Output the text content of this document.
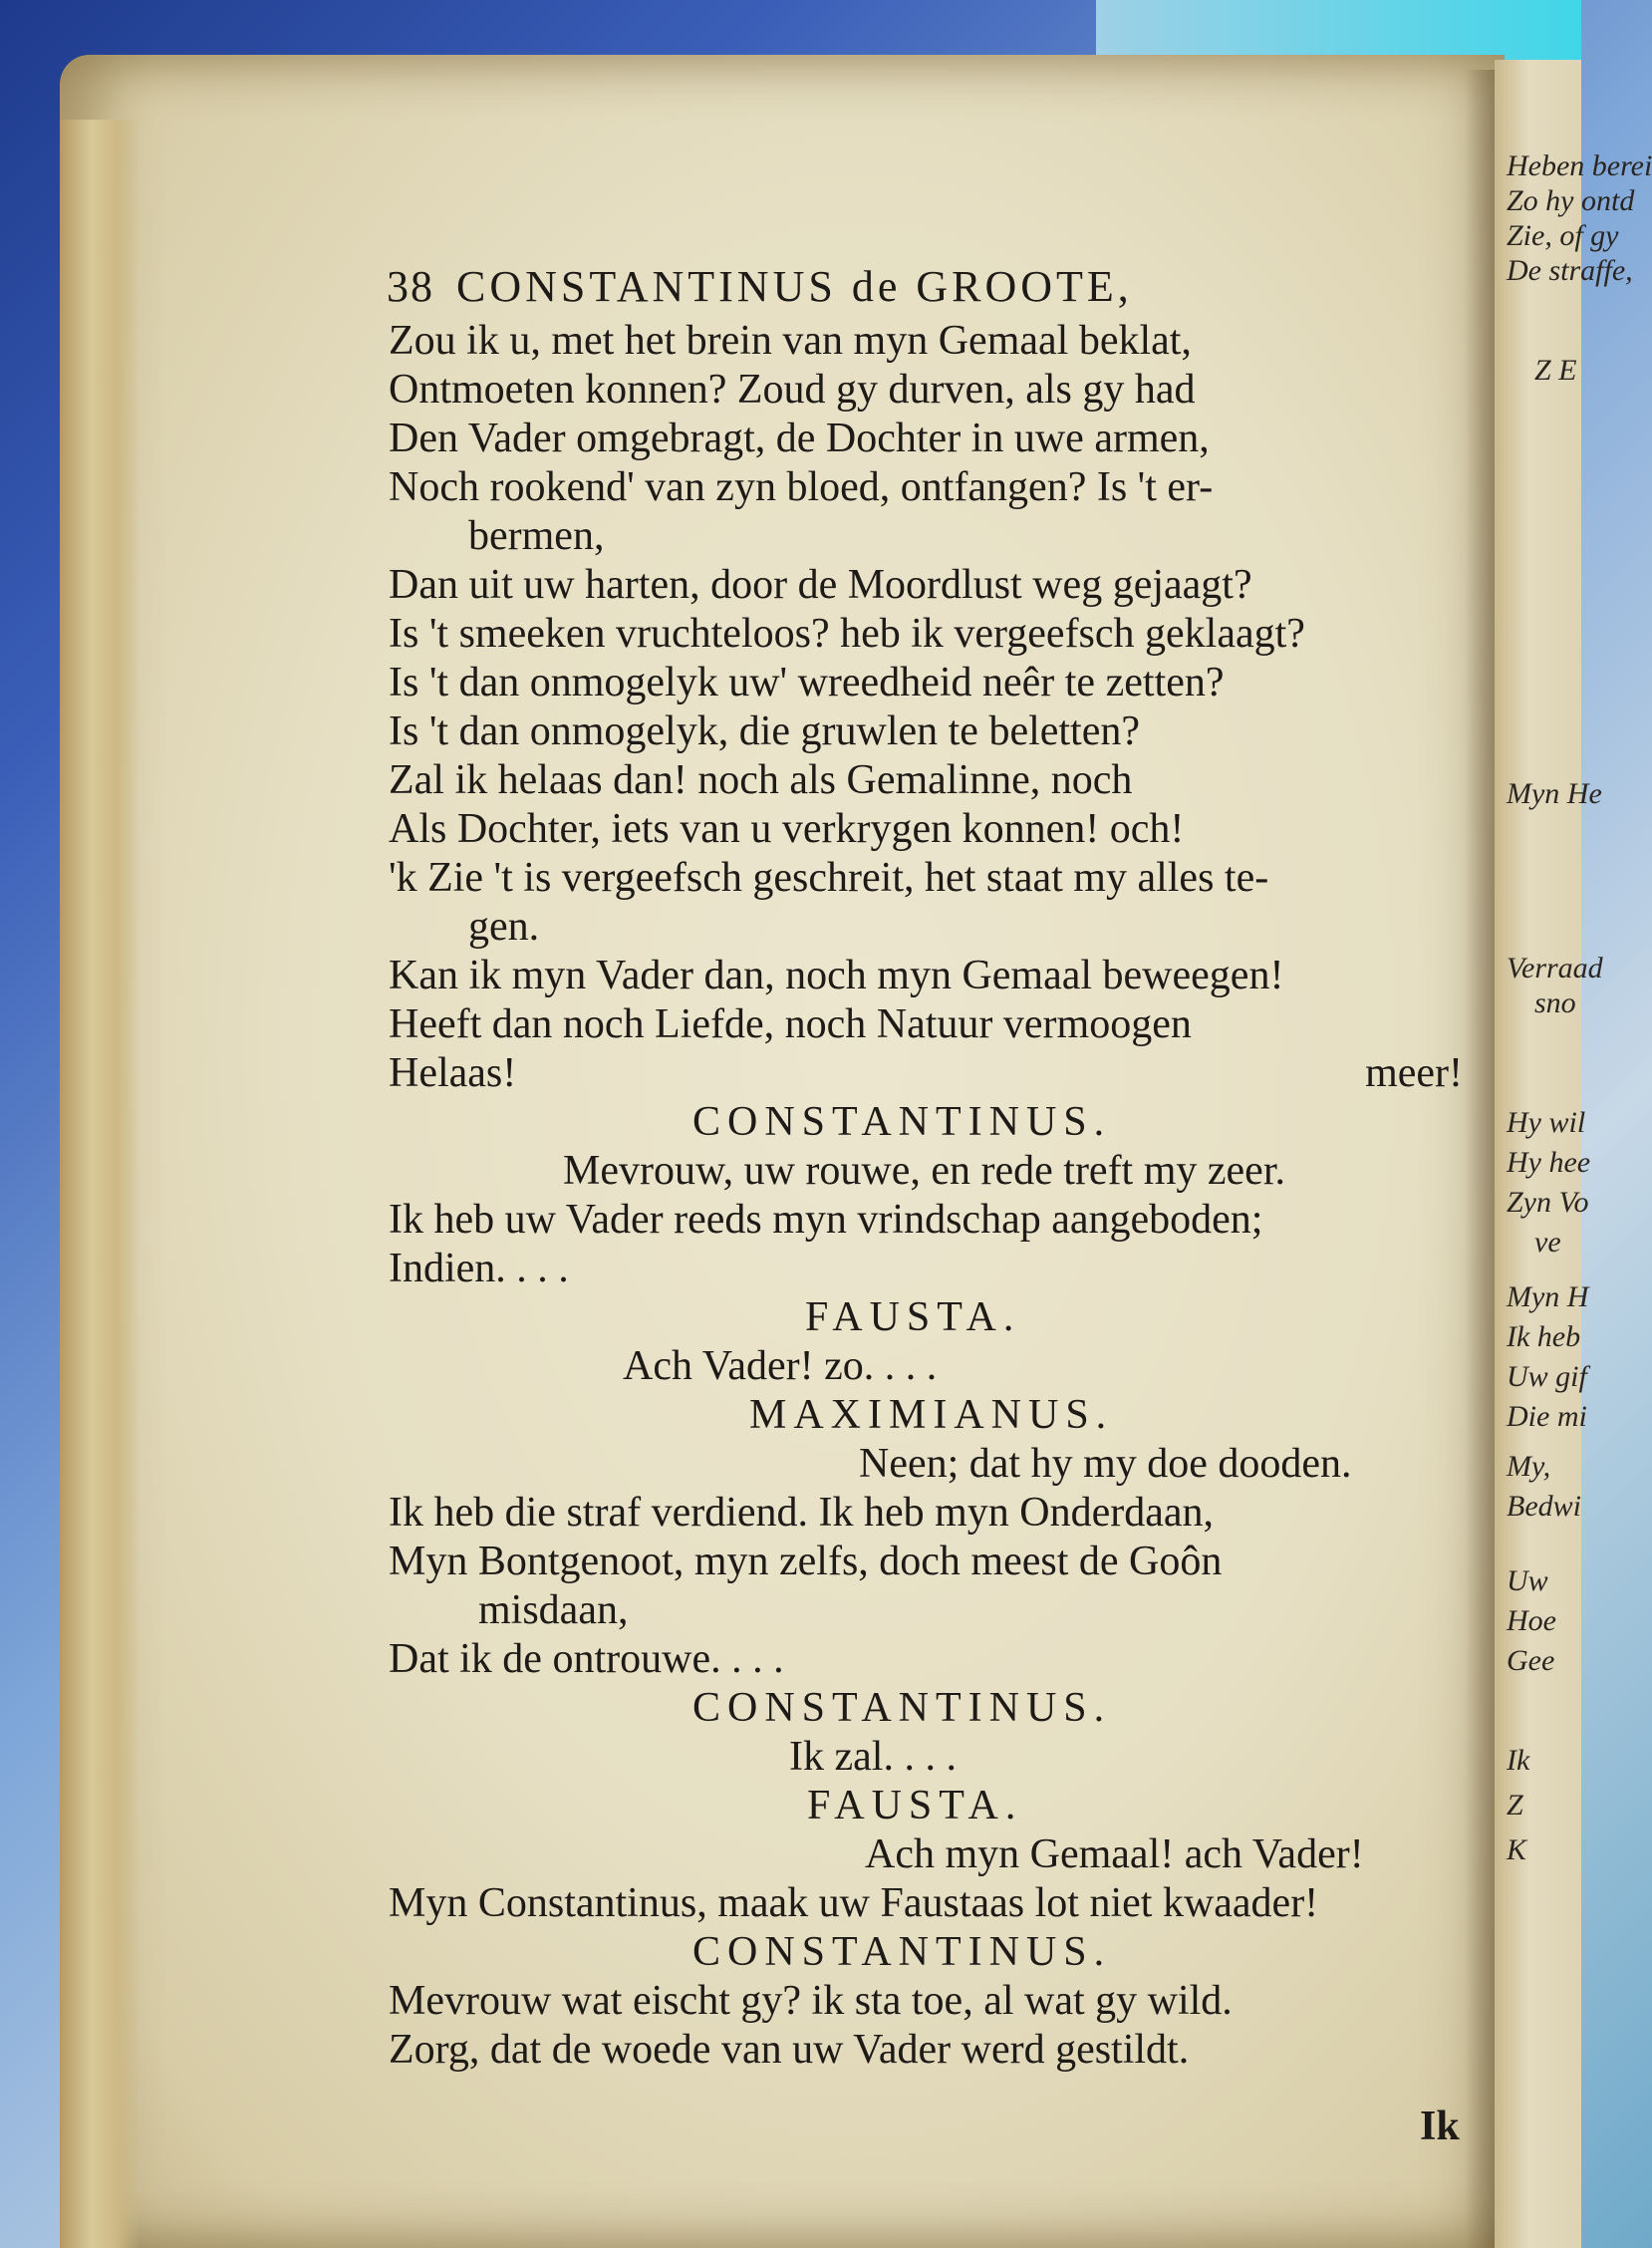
Heben berei
Zo hy ontd
Zie, of gy
De straffe,
Z E
Myn He
Verraad
sno
Hy wil
Hy hee
Zyn Vo
ve
Myn H
Ik heb
Uw gif
Die mi
My,
Bedwi
Uw
Hoe
Gee
Ik
Z
K
38 CONSTANTINUS de GROOTE,
Zou ik u, met het brein van myn Gemaal beklat,
Ontmoeten konnen? Zoud gy durven, als gy had
Den Vader omgebragt, de Dochter in uwe armen,
Noch rookend' van zyn bloed, ontfangen? Is 't er-
bermen,
Dan uit uw harten, door de Moordlust weg gejaagt?
Is 't smeeken vruchteloos? heb ik vergeefsch geklaagt?
Is 't dan onmogelyk uw' wreedheid neêr te zetten?
Is 't dan onmogelyk, die gruwlen te beletten?
Zal ik helaas dan! noch als Gemalinne, noch
Als Dochter, iets van u verkrygen konnen! och!
'k Zie 't is vergeefsch geschreit, het staat my alles te-
gen.
Kan ik myn Vader dan, noch myn Gemaal beweegen!
Heeft dan noch Liefde, noch Natuur vermoogen
Helaas!	meer!
CONSTANTINUS.
Mevrouw, uw rouwe, en rede treft my zeer.
Ik heb uw Vader reeds myn vrindschap aangeboden;
Indien. . . .
FAUSTA.
Ach Vader! zo. . . .
MAXIMIANUS.
Neen; dat hy my doe dooden.
Ik heb die straf verdiend. Ik heb myn Onderdaan,
Myn Bontgenoot, myn zelfs, doch meest de Goôn
misdaan,
Dat ik de ontrouwe. . . .
CONSTANTINUS.
Ik zal. . . .
FAUSTA.
Ach myn Gemaal! ach Vader!
Myn Constantinus, maak uw Faustaas lot niet kwaader!
CONSTANTINUS.
Mevrouw wat eischt gy? ik sta toe, al wat gy wild.
Zorg, dat de woede van uw Vader werd gestildt.
Ik
